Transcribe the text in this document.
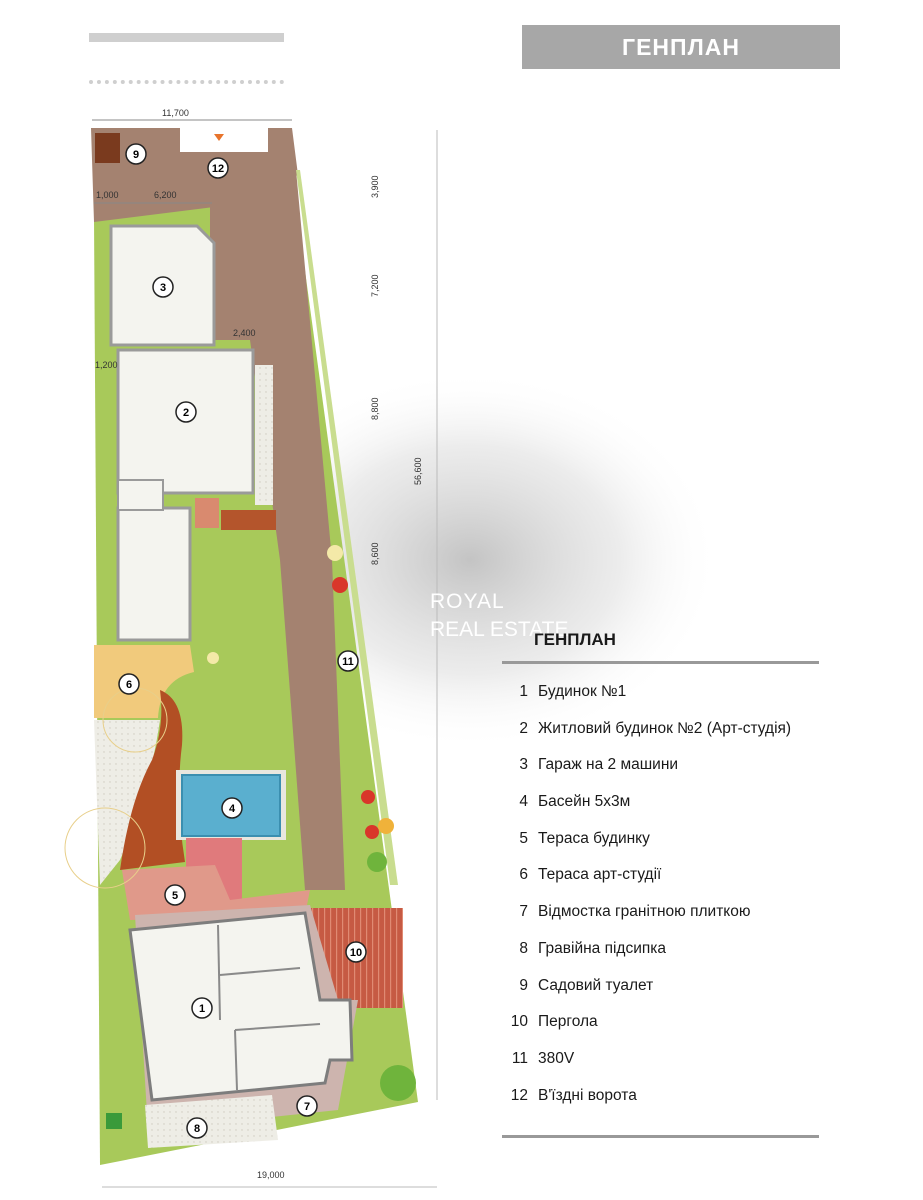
ГЕНПЛАН
11,700
1,000	6,200
2,400
1,200
19,000
3,900
7,200
8,800
8,600
56,600
1
2
3
4
5
6
7
8
9
10
11
12
ROYAL
REAL ESTATE
ГЕНПЛАН
1 Будинок №1
2 Житловий будинок №2 (Арт-студія)
3 Гараж на 2 машини
4 Басейн 5х3м
5 Тераса будинку
6 Тераса арт-студії
7 Відмостка гранітною плиткою
8 Гравійна підсипка
9 Садовий туалет
10 Пергола
11 380V
12 В'їздні ворота
